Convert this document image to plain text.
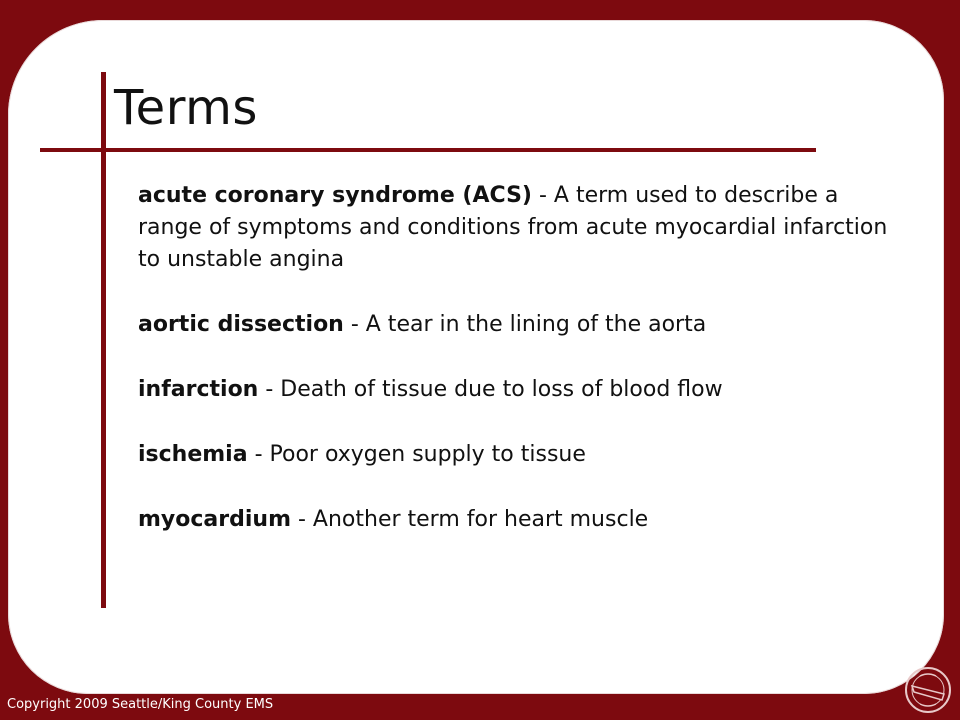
Terms

acute coronary syndrome (ACS) - A term used to describe a range of symptoms and conditions from acute myocardial infarction to unstable angina

aortic dissection - A tear in the lining of the aorta

infarction - Death of tissue due to loss of blood flow

ischemia - Poor oxygen supply to tissue

myocardium - Another term for heart muscle

Copyright 2009 Seattle/King County EMS
